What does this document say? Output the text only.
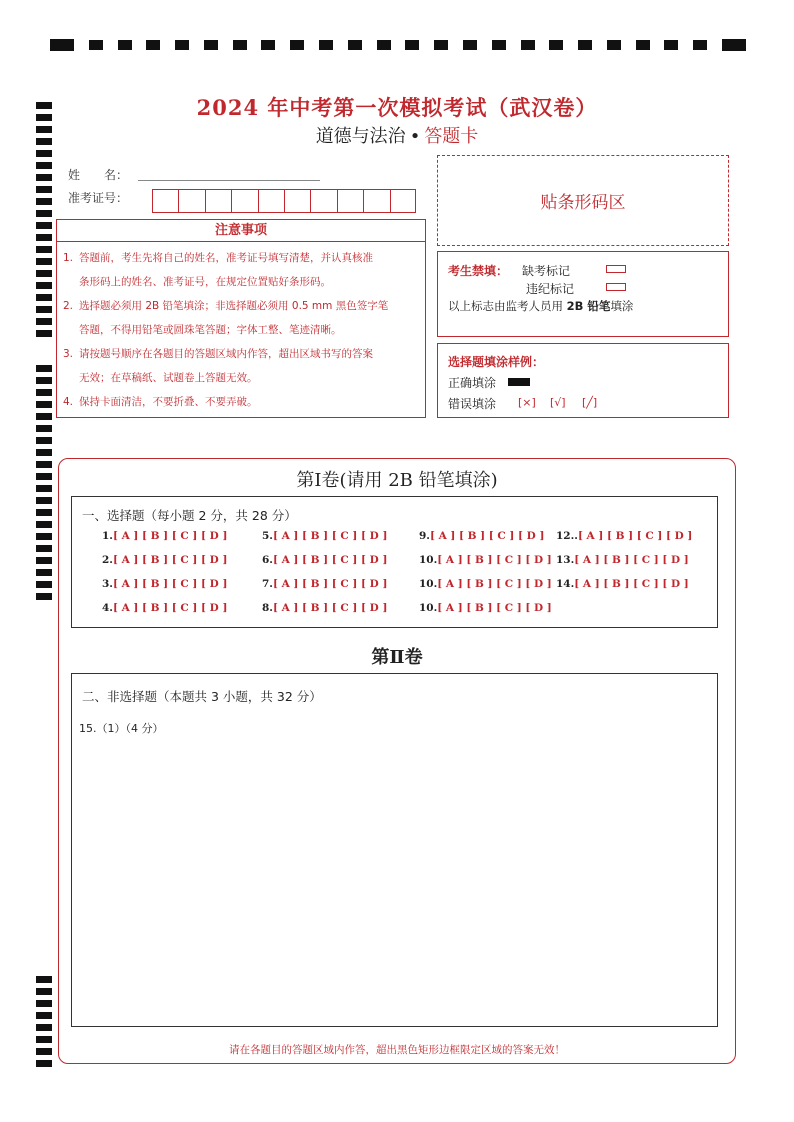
2024 年中考第一次模拟考试（武汉卷）
道德与法治 • 答题卡
姓　　名：
准考证号：	贴条形码区
注意事项
1. 答题前，考生先将自己的姓名，准考证号填写清楚，并认真核准
条形码上的姓名、准考证号，在规定位置贴好条形码。
2. 选择题必须用 2B 铅笔填涂；非选择题必须用 0.5 mm 黑色签字笔
答题，不得用铅笔或圆珠笔答题；字体工整、笔迹清晰。
3. 请按题号顺序在各题目的答题区域内作答，超出区域书写的答案
无效；在草稿纸、试题卷上答题无效。
4. 保持卡面清洁，不要折叠、不要弄破。
考生禁填： 缺考标记
违纪标记
以上标志由监考人员用 2B 铅笔填涂
选择题填涂样例：
正确填涂
错误填涂 [×] [√] [╱]
第Ⅰ卷(请用 2B 铅笔填涂)
一、选择题（每小题 2 分，共 28 分）
1.[ A ] [ B ] [ C ] [ D ]
2.[ A ] [ B ] [ C ] [ D ]
3.[ A ] [ B ] [ C ] [ D ]
4.[ A ] [ B ] [ C ] [ D ]
5.[ A ] [ B ] [ C ] [ D ]
6.[ A ] [ B ] [ C ] [ D ]
7.[ A ] [ B ] [ C ] [ D ]
8.[ A ] [ B ] [ C ] [ D ]
9.[ A ] [ B ] [ C ] [ D ]
10.[ A ] [ B ] [ C ] [ D ]
10.[ A ] [ B ] [ C ] [ D ]
10.[ A ] [ B ] [ C ] [ D ]
12..[ A ] [ B ] [ C ] [ D ]
13.[ A ] [ B ] [ C ] [ D ]
14.[ A ] [ B ] [ C ] [ D ]
第Ⅱ卷
二、非选择题（本题共 3 小题，共 32 分）
15.（1）（4 分）
请在各题目的答题区域内作答，超出黑色矩形边框限定区域的答案无效！
